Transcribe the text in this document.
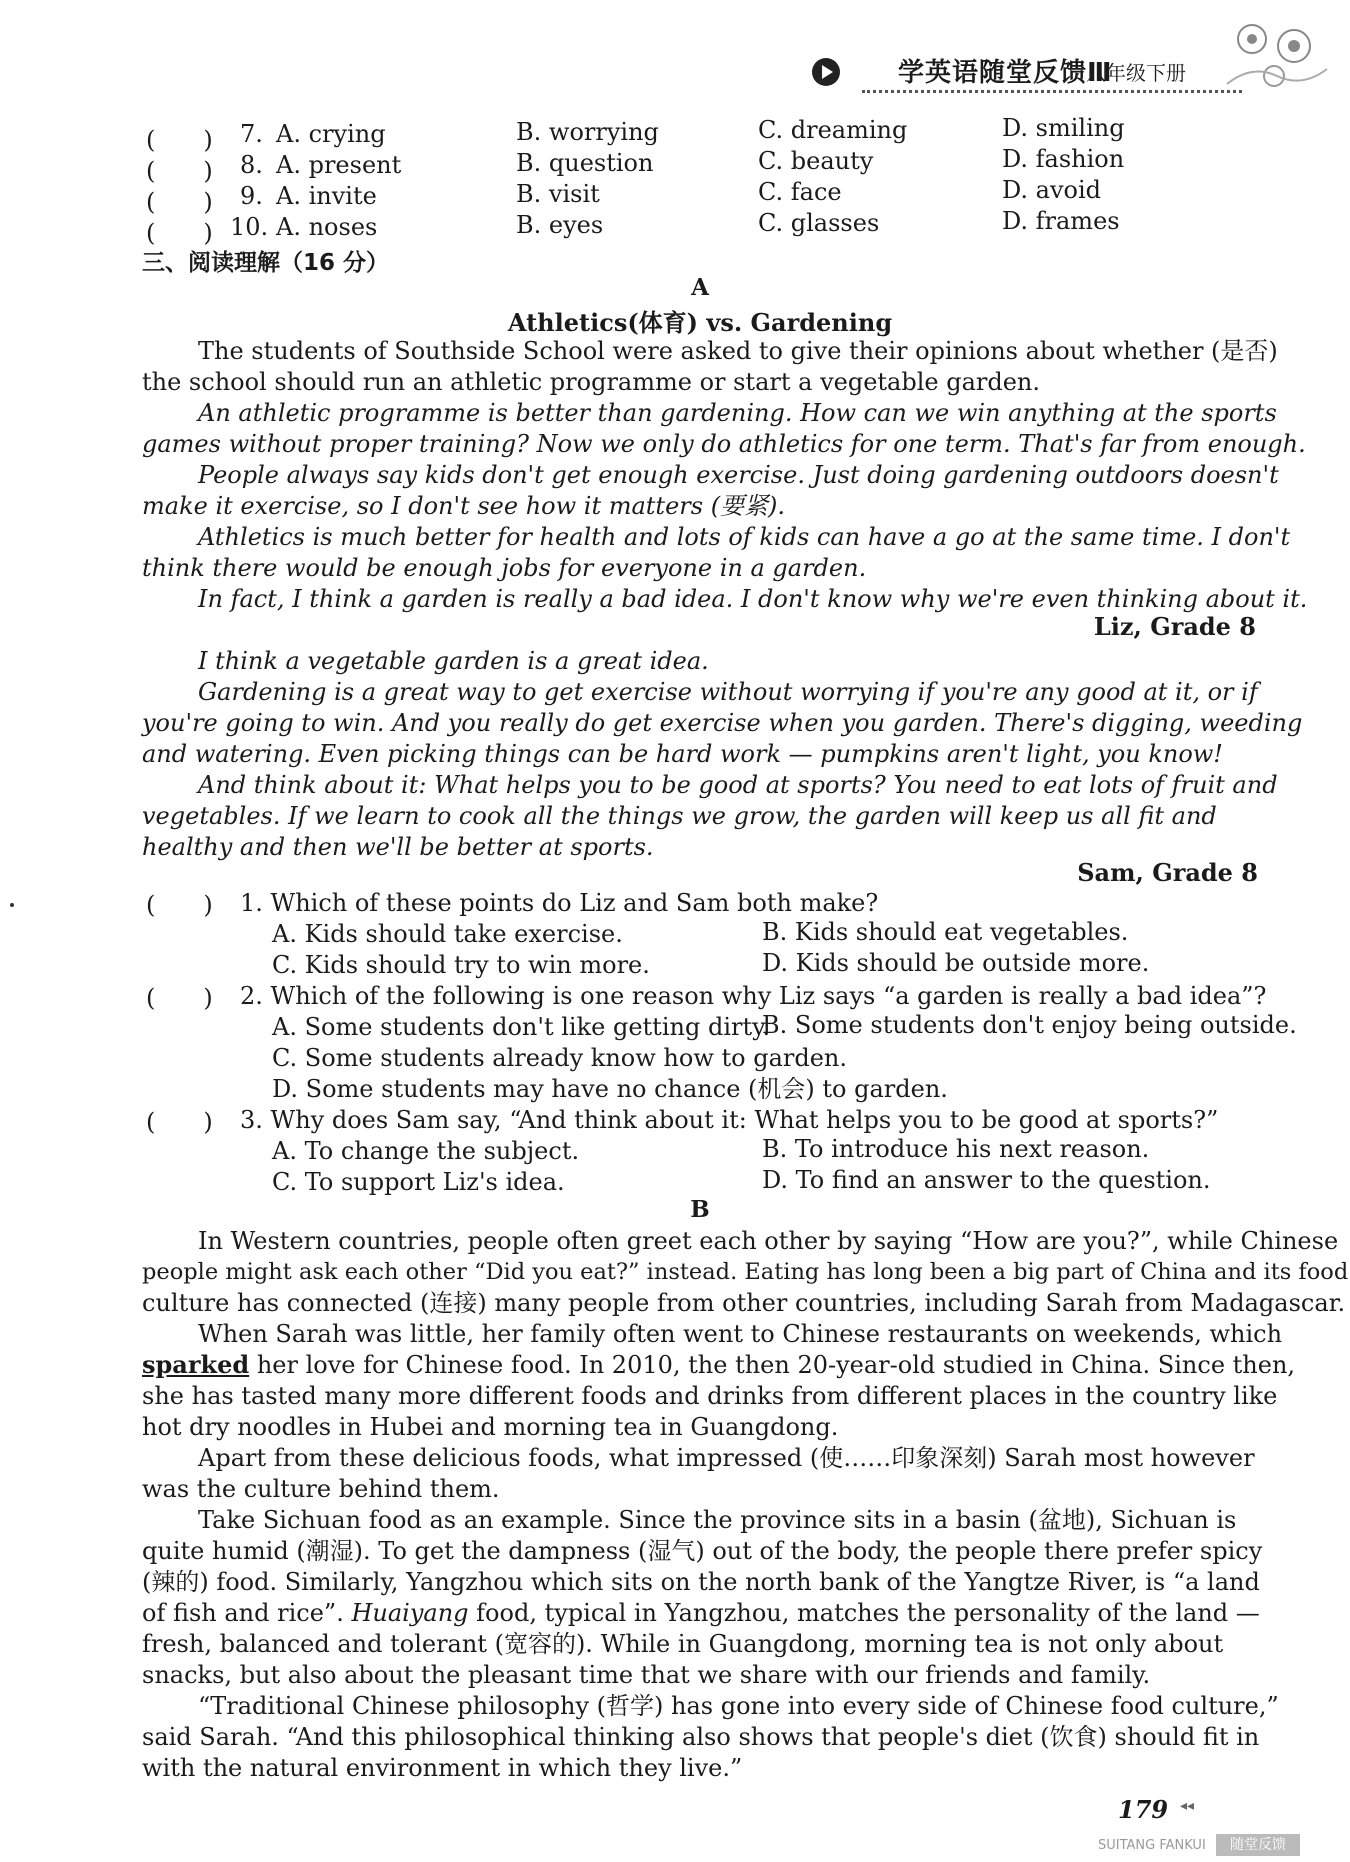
学英语随堂反馈Ⅲ
八年级下册
(　　) 7. A. crying	B. worrying	C. dreaming	D. smiling
(　　) 8. A. present	B. question	C. beauty	D. fashion
(　　) 9. A. invite	B. visit	C. face	D. avoid
(　　) 10. A. noses	B. eyes	C. glasses	D. frames
三、阅读理解（16 分）
A
Athletics(体育) vs. Gardening
The students of Southside School were asked to give their opinions about whether (是否)
the school should run an athletic programme or start a vegetable garden.
An athletic programme is better than gardening. How can we win anything at the sports
games without proper training? Now we only do athletics for one term. That's far from enough.
People always say kids don't get enough exercise. Just doing gardening outdoors doesn't
make it exercise, so I don't see how it matters (要紧).
Athletics is much better for health and lots of kids can have a go at the same time. I don't
think there would be enough jobs for everyone in a garden.
In fact, I think a garden is really a bad idea. I don't know why we're even thinking about it.
Liz, Grade 8
I think a vegetable garden is a great idea.
Gardening is a great way to get exercise without worrying if you're any good at it, or if
you're going to win. And you really do get exercise when you garden. There's digging, weeding
and watering. Even picking things can be hard work — pumpkins aren't light, you know!
And think about it: What helps you to be good at sports? You need to eat lots of fruit and
vegetables. If we learn to cook all the things we grow, the garden will keep us all fit and
healthy and then we'll be better at sports.
Sam, Grade 8
(　　) 1. Which of these points do Liz and Sam both make?
A. Kids should take exercise.	B. Kids should eat vegetables.
C. Kids should try to win more.	D. Kids should be outside more.
(　　) 2. Which of the following is one reason why Liz says “a garden is really a bad idea”?
A. Some students don't like getting dirty.
B. Some students don't enjoy being outside.
C. Some students already know how to garden.
D. Some students may have no chance (机会) to garden.
(　　) 3. Why does Sam say, “And think about it: What helps you to be good at sports?”
A. To change the subject.	B. To introduce his next reason.
C. To support Liz's idea.	D. To find an answer to the question.
B
In Western countries, people often greet each other by saying “How are you?”, while Chinese
people might ask each other “Did you eat?” instead. Eating has long been a big part of China and its food
culture has connected (连接) many people from other countries, including Sarah from Madagascar.
When Sarah was little, her family often went to Chinese restaurants on weekends, which
sparked her love for Chinese food. In 2010, the then 20-year-old studied in China. Since then,
she has tasted many more different foods and drinks from different places in the country like
hot dry noodles in Hubei and morning tea in Guangdong.
Apart from these delicious foods, what impressed (使……印象深刻) Sarah most however
was the culture behind them.
Take Sichuan food as an example. Since the province sits in a basin (盆地), Sichuan is
quite humid (潮湿). To get the dampness (湿气) out of the body, the people there prefer spicy
(辣的) food. Similarly, Yangzhou which sits on the north bank of the Yangtze River, is “a land
of fish and rice”. Huaiyang food, typical in Yangzhou, matches the personality of the land —
fresh, balanced and tolerant (宽容的). While in Guangdong, morning tea is not only about
snacks, but also about the pleasant time that we share with our friends and family.
“Traditional Chinese philosophy (哲学) has gone into every side of Chinese food culture,”
said Sarah. “And this philosophical thinking also shows that people's diet (饮食) should fit in
with the natural environment in which they live.”
179 ◂◂
SUITANG FANKUI	随堂反馈
